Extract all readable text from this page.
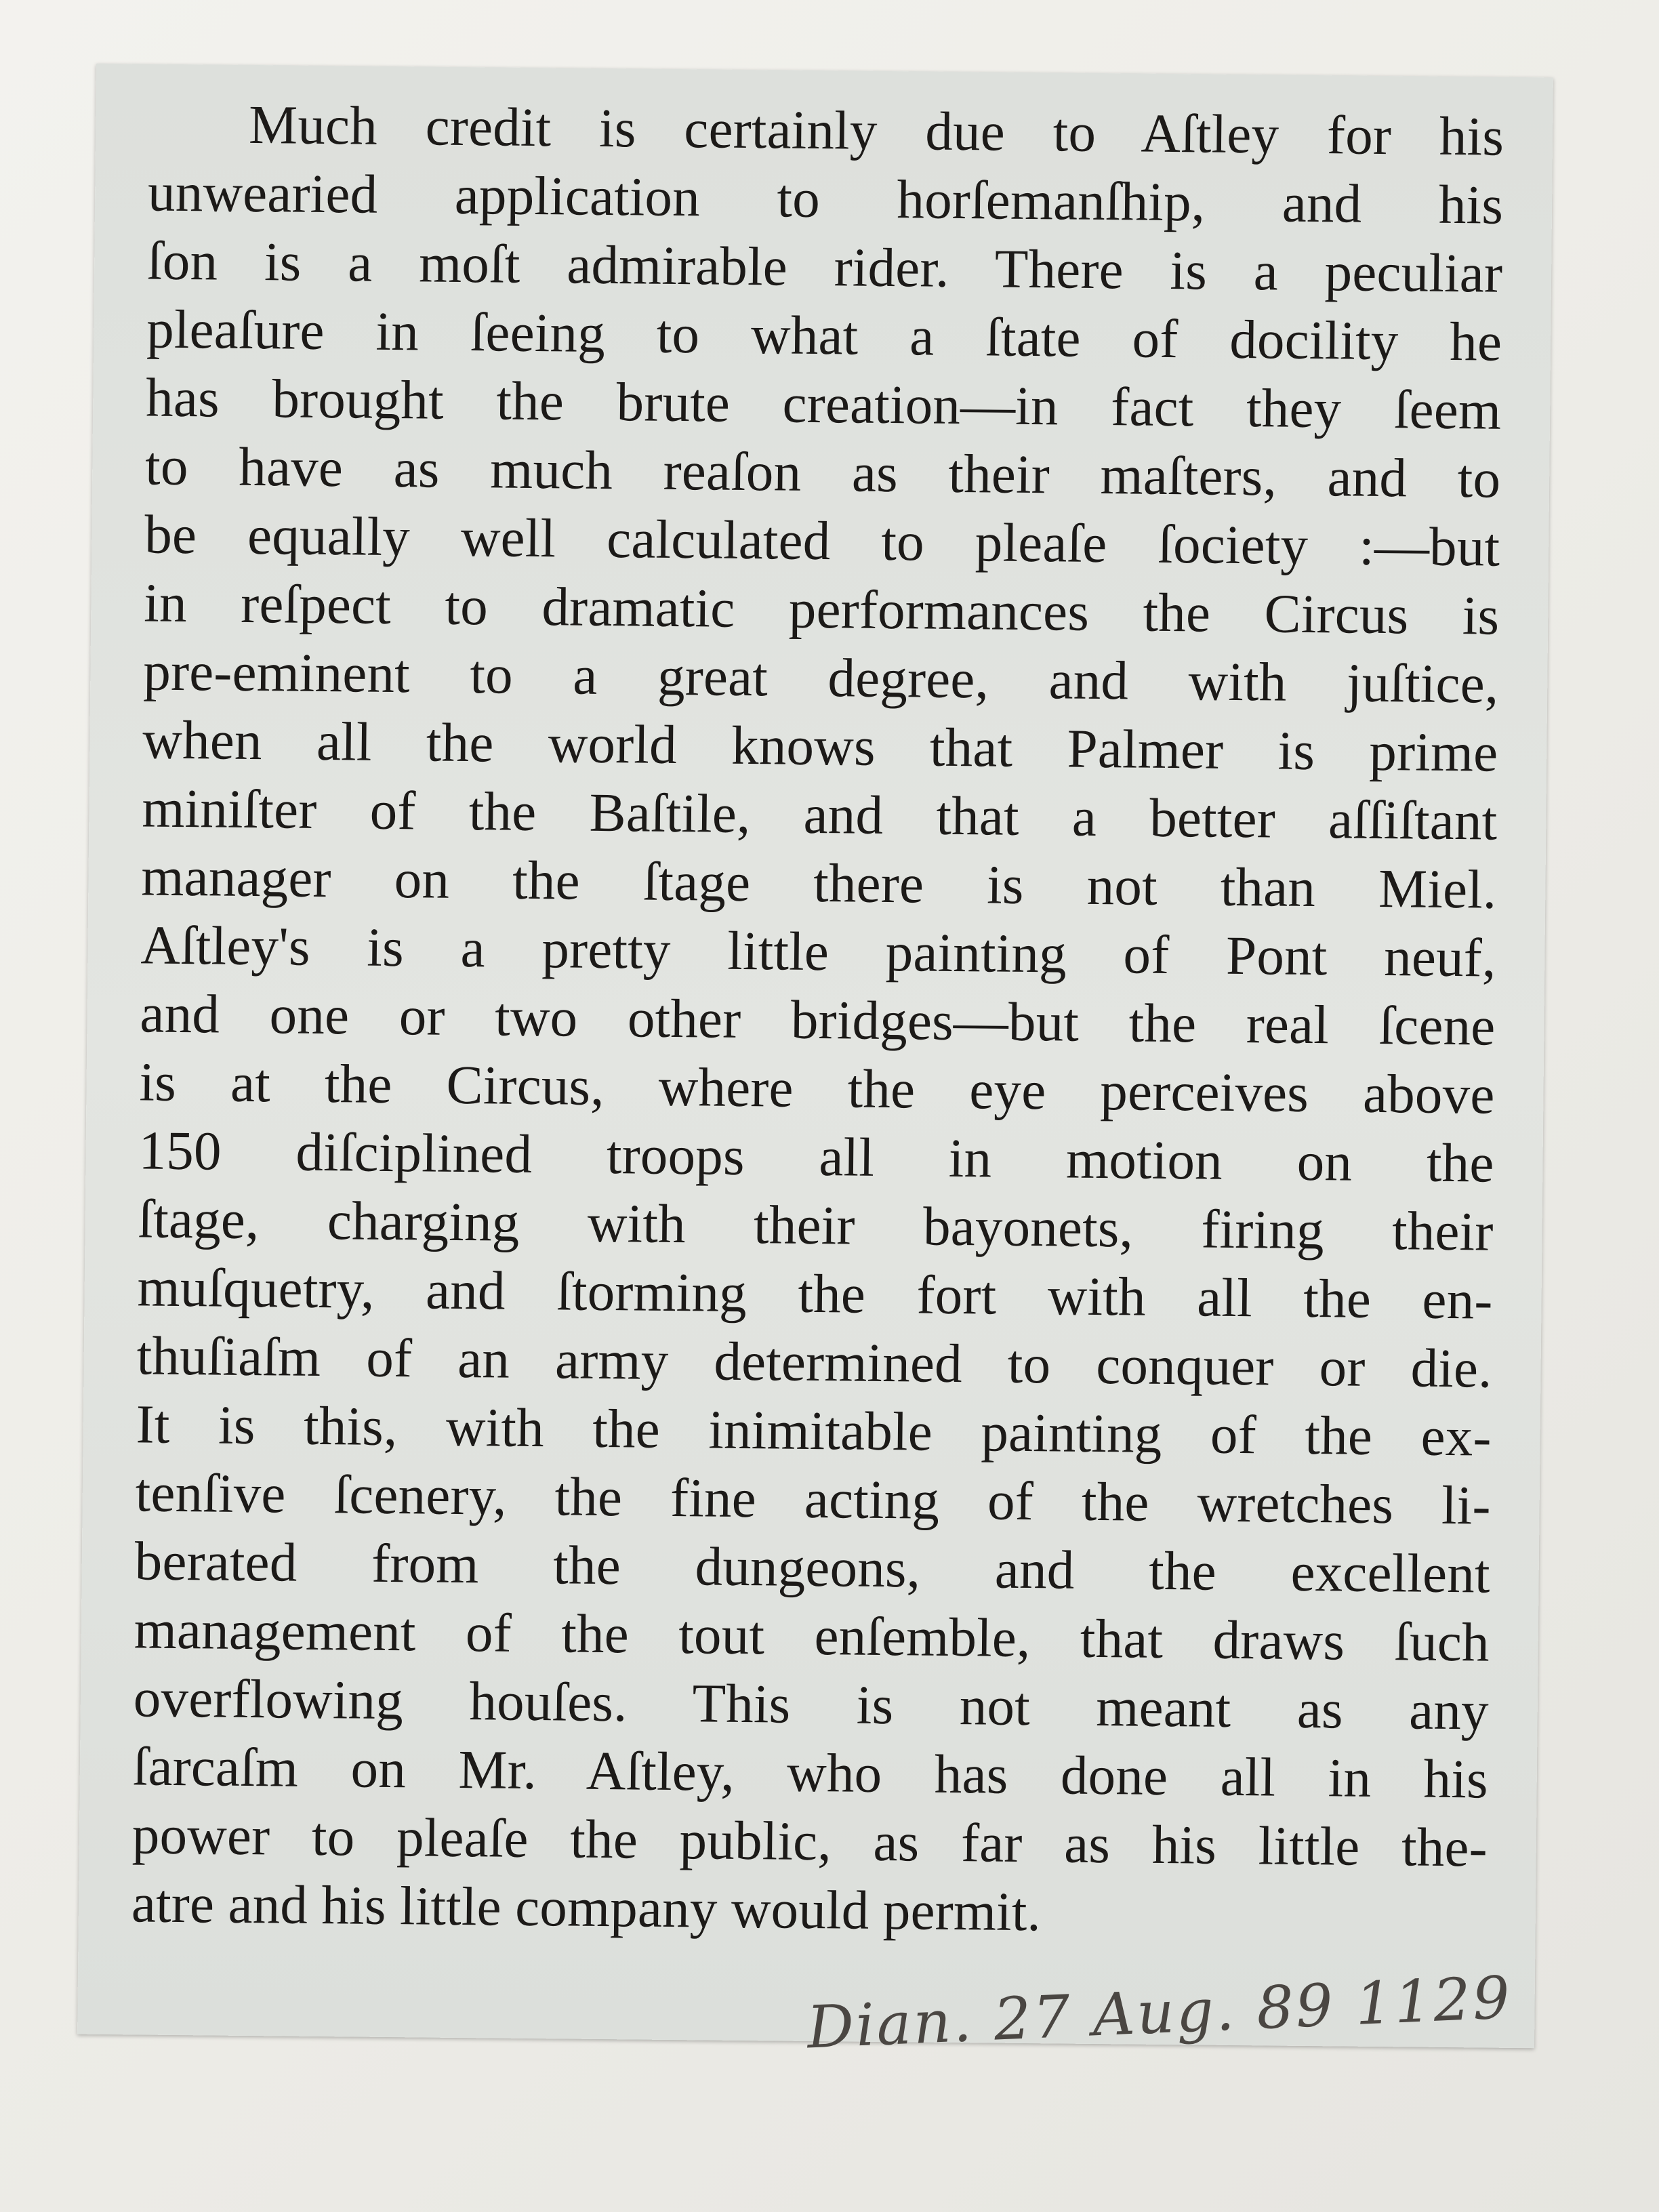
Much credit is certainly due to Aſtley for his
unwearied application to horſemanſhip, and his
ſon is a moſt admirable rider. There is a peculiar
pleaſure in ſeeing to what a ſtate of docility he
has brought the brute creation—in fact they ſeem
to have as much reaſon as their maſters, and to
be equally well calculated to pleaſe ſociety :—but
in reſpect to dramatic performances the Circus is
pre-eminent to a great degree, and with juſtice,
when all the world knows that Palmer is prime
miniſter of the Baſtile, and that a better aſſiſtant
manager on the ſtage there is not than Miel.
Aſtley's is a pretty little painting of Pont neuf,
and one or two other bridges—but the real ſcene
is at the Circus, where the eye perceives above
150 diſciplined troops all in motion on the
ſtage, charging with their bayonets, firing their
muſquetry, and ſtorming the fort with all the en-
thuſiaſm of an army determined to conquer or die.
It is this, with the inimitable painting of the ex-
tenſive ſcenery, the fine acting of the wretches li-
berated from the dungeons, and the excellent
management of the tout enſemble, that draws ſuch
overflowing houſes. This is not meant as any
ſarcaſm on Mr. Aſtley, who has done all in his
power to pleaſe the public, as far as his little the-
atre and his little company would permit.
Dian. 27 Aug. 89 1129
